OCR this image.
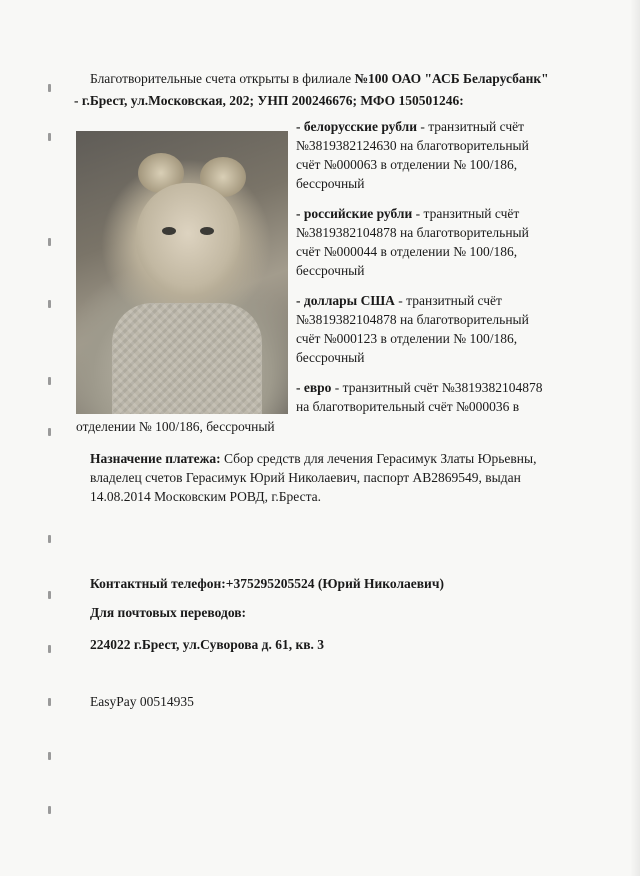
Благотворительные счета открыты в филиале №100 ОАО "АСБ Беларусбанк"
- г.Брест, ул.Московская, 202; УНП 200246676; МФО 150501246:
- белорусские рубли - транзитный счёт
№3819382124630 на благотворительный
счёт №000063 в отделении № 100/186,
бессрочный
- российские рубли - транзитный счёт
№3819382104878 на благотворительный
счёт №000044 в отделении № 100/186,
бессрочный
- доллары США - транзитный счёт
№3819382104878 на благотворительный
счёт №000123 в отделении № 100/186,
бессрочный
- евро - транзитный счёт №3819382104878
на благотворительный счёт №000036 в
отделении № 100/186, бессрочный
Назначение платежа: Сбор средств для лечения Герасимук Златы Юрьевны,
владелец счетов Герасимук Юрий Николаевич, паспорт АВ2869549, выдан
14.08.2014 Московским РОВД, г.Бреста.
Контактный телефон:+375295205524 (Юрий Николаевич)
Для почтовых переводов:
224022 г.Брест, ул.Суворова д. 61, кв. 3
EasyPay 00514935
